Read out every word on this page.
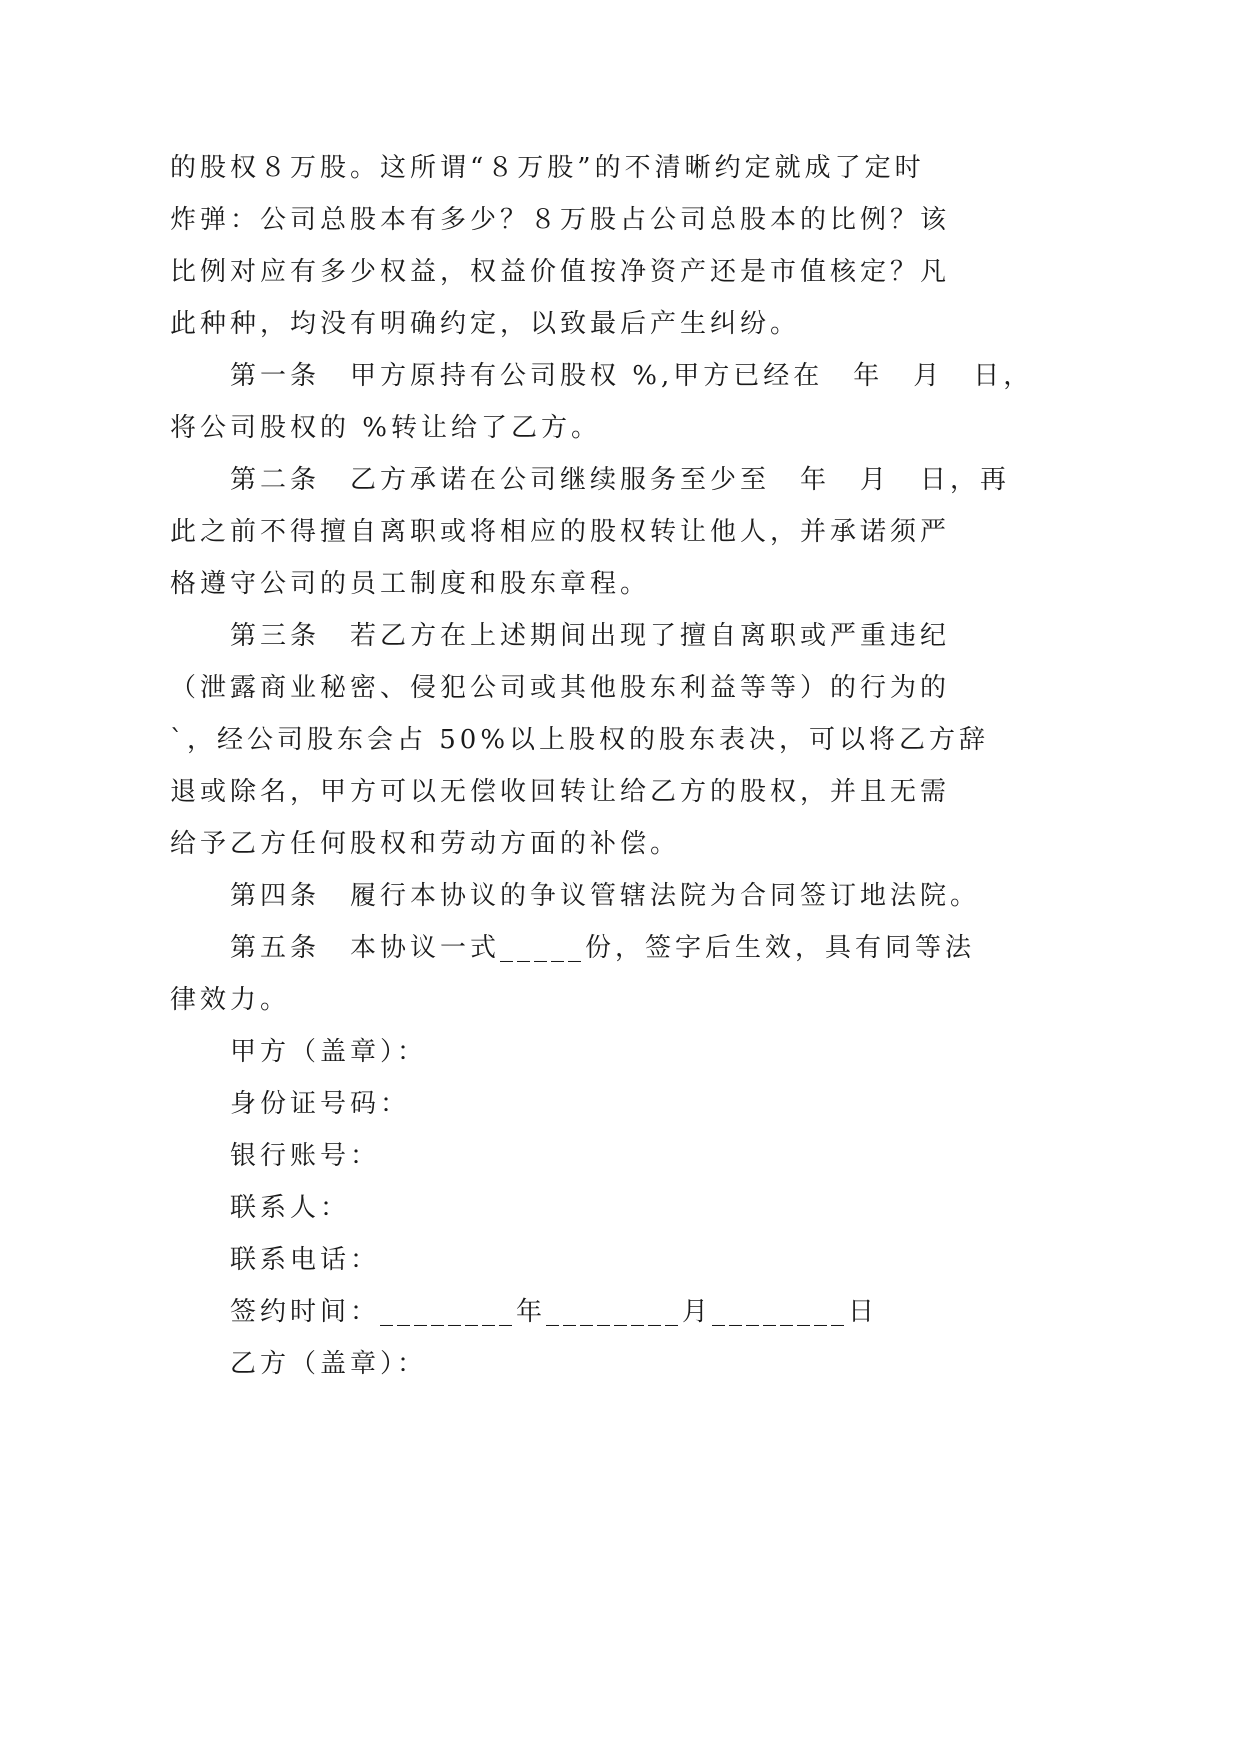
的股权８万股。这所谓“８万股”的不清晰约定就成了定时
炸弹：公司总股本有多少？８万股占公司总股本的比例？该
比例对应有多少权益，权益价值按净资产还是市值核定？凡
此种种，均没有明确约定，以致最后产生纠纷。
第一条　甲方原持有公司股权 %,甲方已经在　年　月　日，
将公司股权的 %转让给了乙方。
第二条　乙方承诺在公司继续服务至少至　年　月　日，再
此之前不得擅自离职或将相应的股权转让他人，并承诺须严
格遵守公司的员工制度和股东章程。
第三条　若乙方在上述期间出现了擅自离职或严重违纪
（泄露商业秘密、侵犯公司或其他股东利益等等）的行为的
`，经公司股东会占 50%以上股权的股东表决，可以将乙方辞
退或除名，甲方可以无偿收回转让给乙方的股权，并且无需
给予乙方任何股权和劳动方面的补偿。
第四条　履行本协议的争议管辖法院为合同签订地法院。
第五条　本协议一式_____份，签字后生效，具有同等法
律效力。
甲方（盖章）：
身份证号码：
银行账号：
联系人：
联系电话：
签约时间：________年________月________日
乙方（盖章）：
